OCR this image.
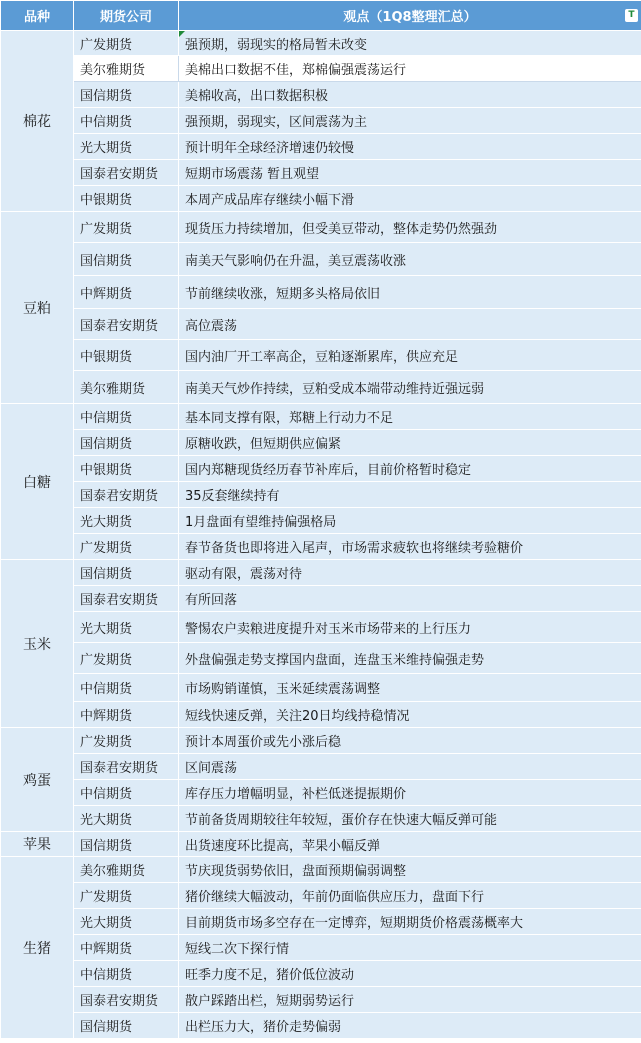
品种	期货公司	观点（1Q8整理汇总） T

棉花	广发期货	强预期，弱现实的格局暂未改变

	美尔雅期货	美棉出口数据不佳，郑棉偏强震荡运行
	国信期货	美棉收高，出口数据积极
	中信期货	强预期，弱现实，区间震荡为主
	光大期货	预计明年全球经济增速仍较慢
	国泰君安期货	短期市场震荡 暂且观望
	中银期货	本周产成品库存继续小幅下滑
豆粕	广发期货	现货压力持续增加，但受美豆带动，整体走势仍然强劲
	国信期货	南美天气影响仍在升温，美豆震荡收涨
	中辉期货	节前继续收涨，短期多头格局依旧
	国泰君安期货	高位震荡
	中银期货	国内油厂开工率高企，豆粕逐渐累库，供应充足
	美尔雅期货	南美天气炒作持续，豆粕受成本端带动维持近强远弱
白糖	中信期货	基本同支撑有限，郑糖上行动力不足
	国信期货	原糖收跌，但短期供应偏紧
	中银期货	国内郑糖现货经历春节补库后，目前价格暂时稳定
	国泰君安期货	35反套继续持有
	光大期货	1月盘面有望维持偏强格局
	广发期货	春节备货也即将进入尾声，市场需求疲软也将继续考验糖价
玉米	国信期货	驱动有限，震荡对待
	国泰君安期货	有所回落
	光大期货	警惕农户卖粮进度提升对玉米市场带来的上行压力
	广发期货	外盘偏强走势支撑国内盘面，连盘玉米维持偏强走势
	中信期货	市场购销谨慎，玉米延续震荡调整
	中辉期货	短线快速反弹，关注20日均线持稳情况
鸡蛋	广发期货	预计本周蛋价或先小涨后稳
	国泰君安期货	区间震荡
	中信期货	库存压力增幅明显，补栏低迷提振期价
	光大期货	节前备货周期较往年较短，蛋价存在快速大幅反弹可能
苹果	国信期货	出货速度环比提高，苹果小幅反弹
生猪	美尔雅期货	节庆现货弱势依旧，盘面预期偏弱调整
	广发期货	猪价继续大幅波动，年前仍面临供应压力，盘面下行
	光大期货	目前期货市场多空存在一定博弈，短期期货价格震荡概率大
	中辉期货	短线二次下探行情
	中信期货	旺季力度不足，猪价低位波动
	国泰君安期货	散户踩踏出栏，短期弱势运行
	国信期货	出栏压力大，猪价走势偏弱
